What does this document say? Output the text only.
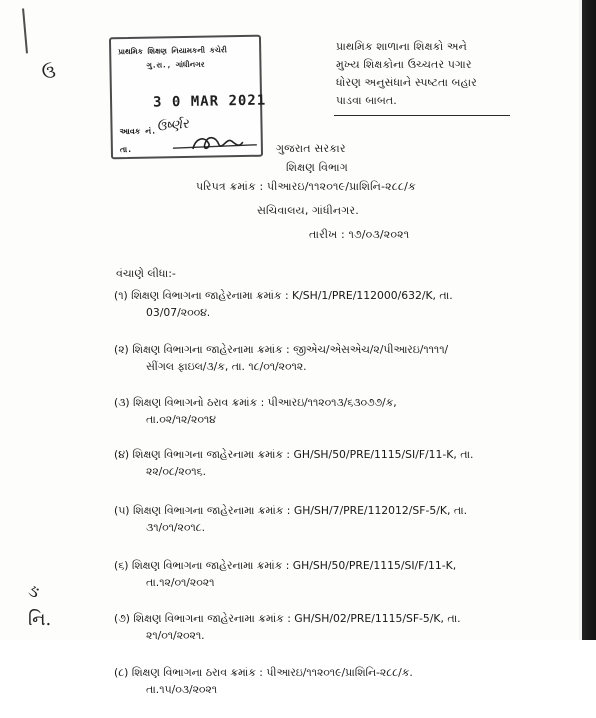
ઉ
પ્રાથમિક શિક્ષણ નિયામકની કચેરી
ગુ.રા., ગાંધીનગર
3 0 MAR 2021
આવક નં. ઉર્ષ્ણર
તા.
પ્રાથમિક શાળાના શિક્ષકો અને
મુખ્ય શિક્ષકોના ઉચ્ચતર પગાર
ધોરણ અનુસંધાને સ્પષ્ટતા બહાર
પાડવા બાબત.
ગુજરાત સરકાર
શિક્ષણ વિભાગ
પરિપત્ર ક્રમાંક : પીઆરઇ/૧૧૨૦૧૯/પ્રાશિનિ-૨૮૮/ક
સચિવાલય, ગાંધીનગર.
તારીખ : ૧૭/૦૩/૨૦૨૧
વંચાણે લીધા:-
(૧) શિક્ષણ વિભાગના જાહેરનામા ક્રમાંક : K/SH/1/PRE/112000/632/K, તા.
03/07/૨૦૦૪.
(૨) શિક્ષણ વિભાગના જાહેરનામા ક્રમાંક : જીએચ/એસએચ/૨/પીઆરઇ/૧૧૧૧/
સીંગલ ફાઇલ/૩/ક, તા. ૧૮/૦૧/૨૦૧૨.
(૩) શિક્ષણ વિભાગનો ઠરાવ ક્રમાંક : પીઆરઇ/૧૧૨૦૧૩/૬૩૦૭૭/ક,
તા.૦૨/૧૨/૨૦૧૪
(૪) શિક્ષણ વિભાગના જાહેરનામા ક્રમાંક : GH/SH/50/PRE/1115/SI/F/11-K, તા.
૨૨/૦૮/૨૦૧૬.
(૫) શિક્ષણ વિભાગના જાહેરનામા ક્રમાંક : GH/SH/7/PRE/112012/SF-5/K, તા.
૩૧/૦૧/૨૦૧૮.
(૬) શિક્ષણ વિભાગના જાહેરનામા ક્રમાંક : GH/SH/50/PRE/1115/SI/F/11-K,
તા.૧૨/૦૧/૨૦૨૧
(૭) શિક્ષણ વિભાગના જાહેરનામા ક્રમાંક : GH/SH/02/PRE/1115/SF-5/K, તા.
૨૧/૦૧/૨૦૨૧.
(૮) શિક્ષણ વિભાગના ઠરાવ ક્રમાંક : પીઆરઇ/૧૧૨૦૧૯/પ્રાશિનિ-૨૮૮/ક.
તા.૧૫/૦૩/૨૦૨૧
ઙ
નિ.
